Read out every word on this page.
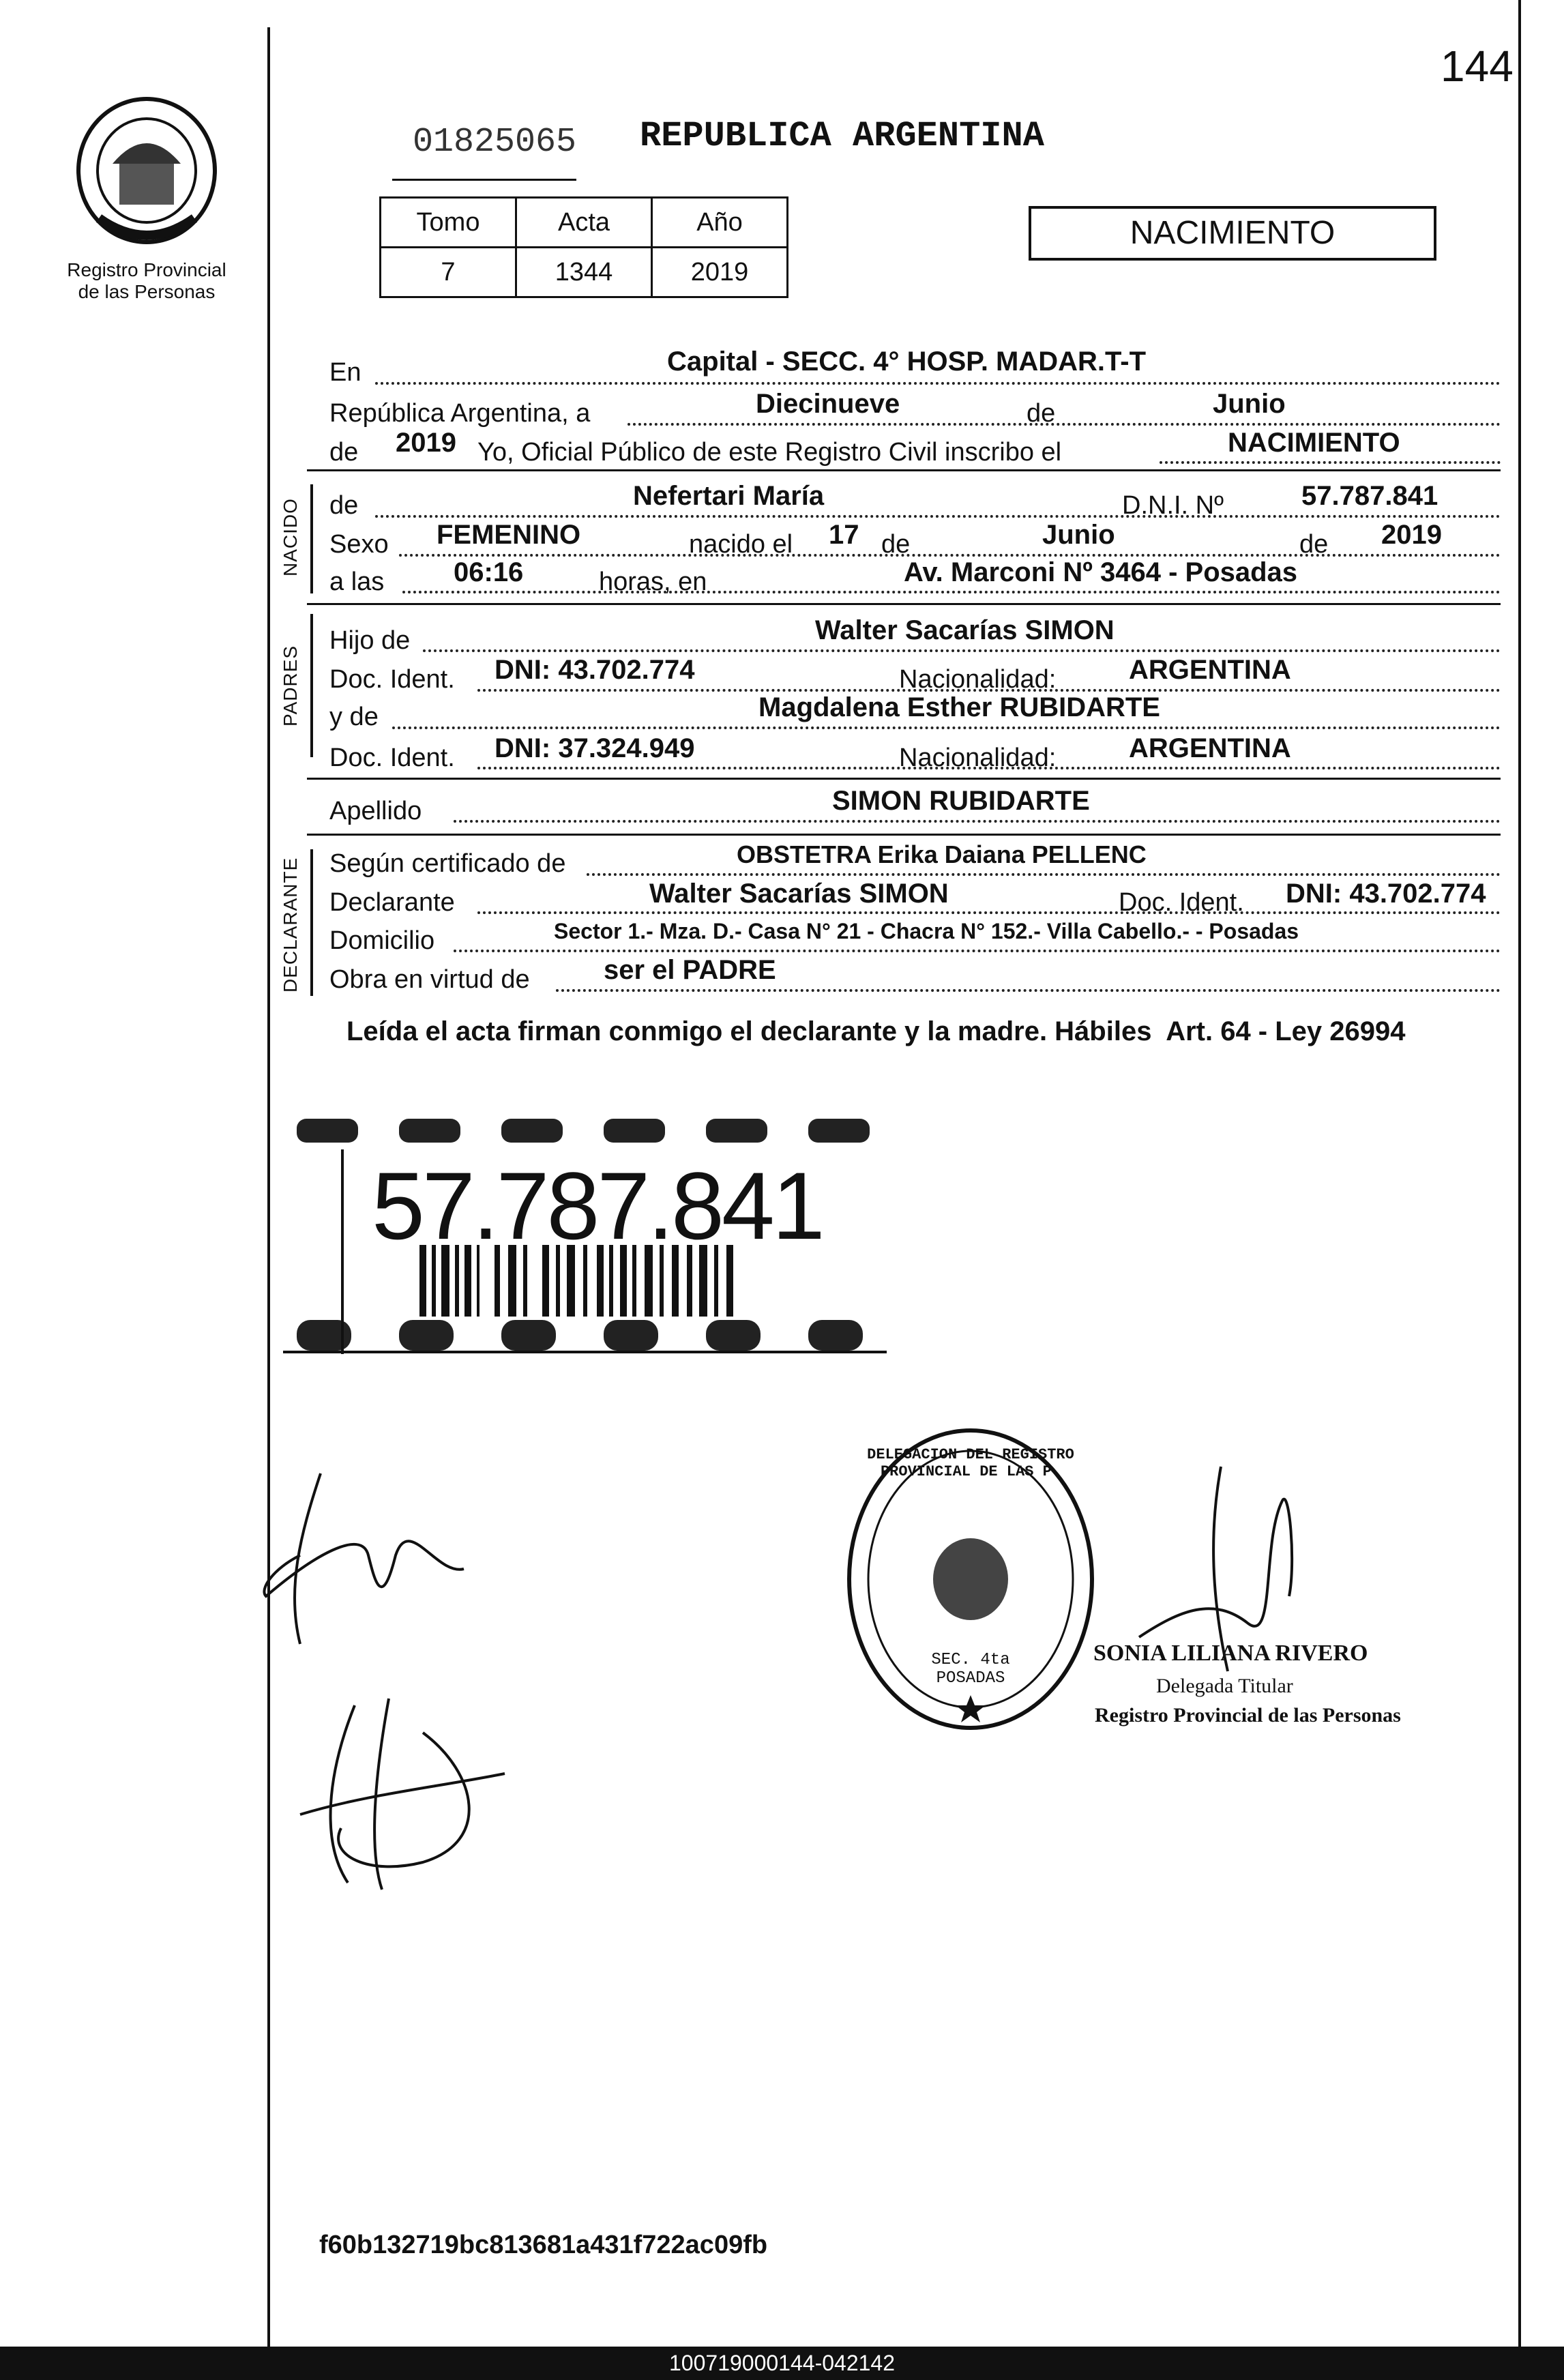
144
Registro Provincial
de las Personas
01825065 REPUBLICA ARGENTINA
Tomo	Acta	Año
7	1344	2019
NACIMIENTO
En	Capital - SECC. 4° HOSP. MADAR.T-T
República Argentina, a	Diecinueve	de	Junio
de 2019 Yo, Oficial Público de este Registro Civil inscribo el	NACIMIENTO
NACIDO de	Nefertari María	D.N.I. Nº	57.787.841
Sexo FEMENINO	nacido el 17 de	Junio	de 2019
a las	06:16	horas, en	Av. Marconi Nº 3464 - Posadas
PADRES
Hijo de	Walter Sacarías SIMON
Doc. Ident. DNI: 43.702.774	Nacionalidad:	ARGENTINA
y de	Magdalena Esther RUBIDARTE
Doc. Ident. DNI: 37.324.949	Nacionalidad:	ARGENTINA
Apellido	SIMON RUBIDARTE
DECLARANTE Según certificado de	OBSTETRA Erika Daiana PELLENC
Declarante	Walter Sacarías SIMON	Doc. Ident. DNI: 43.702.774
Domicilio	Sector 1.- Mza. D.- Casa N° 21 - Chacra N° 152.- Villa Cabello.- - Posadas
Obra en virtud de	ser el PADRE
Leída el acta firman conmigo el declarante y la madre. Hábiles  Art. 64 - Ley 26994
57.787.841
DELEGACION DEL REGISTRO PROVINCIAL DE LAS P.
SEC. 4ta POSADAS
SONIA LILIANA RIVERO
Delegada Titular
Registro Provincial de las Personas
f60b132719bc813681a431f722ac09fb
100719000144-042142
